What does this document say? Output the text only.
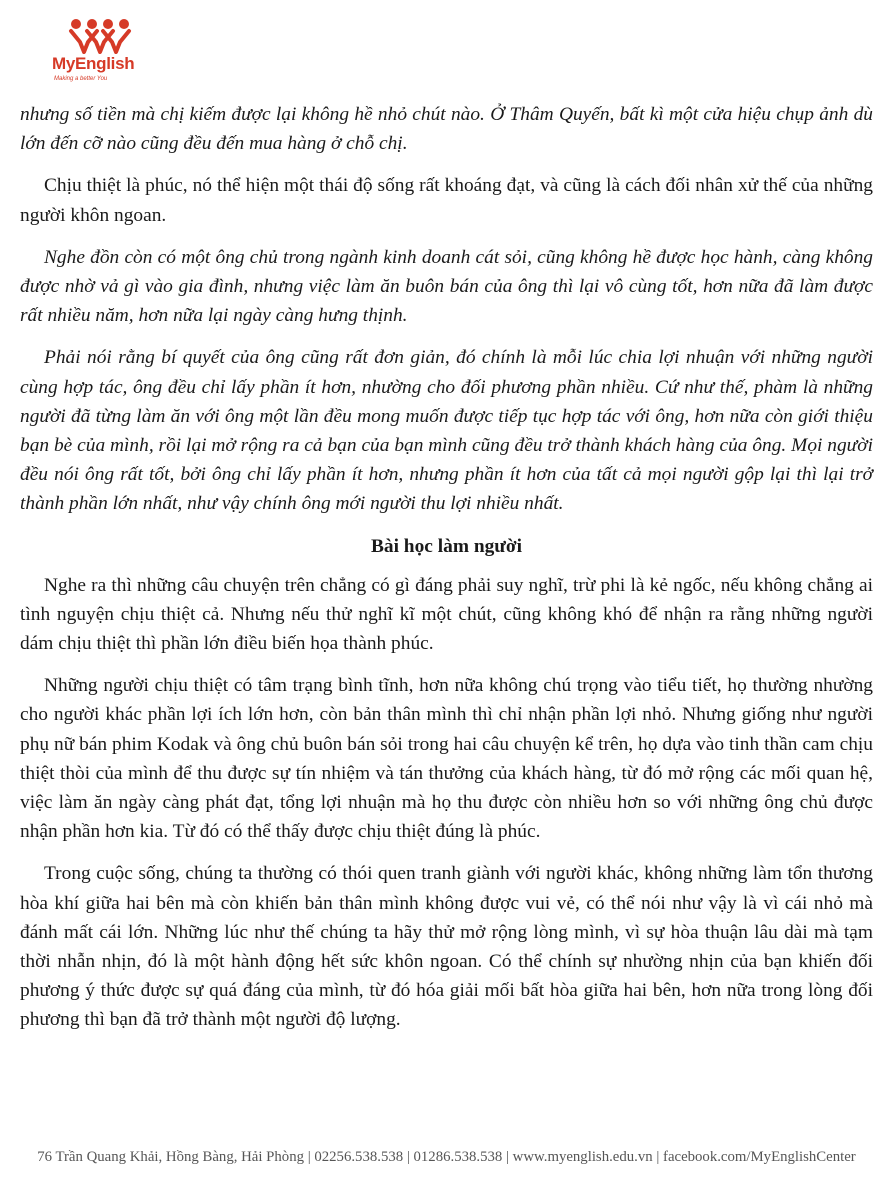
MyEnglish
Making a better You

nhưng số tiền mà chị kiếm được lại không hề nhỏ chút nào. Ở Thâm Quyến, bất kì một cửa hiệu chụp ảnh dù lớn đến cỡ nào cũng đều đến mua hàng ở chỗ chị.

Chịu thiệt là phúc, nó thể hiện một thái độ sống rất khoáng đạt, và cũng là cách đối nhân xử thế của những người khôn ngoan.

Nghe đồn còn có một ông chủ trong ngành kinh doanh cát sỏi, cũng không hề được học hành, càng không được nhờ vả gì vào gia đình, nhưng việc làm ăn buôn bán của ông thì lại vô cùng tốt, hơn nữa đã làm được rất nhiều năm, hơn nữa lại ngày càng hưng thịnh.

Phải nói rằng bí quyết của ông cũng rất đơn giản, đó chính là mỗi lúc chia lợi nhuận với những người cùng hợp tác, ông đều chỉ lấy phần ít hơn, nhường cho đối phương phần nhiều. Cứ như thế, phàm là những người đã từng làm ăn với ông một lần đều mong muốn được tiếp tục hợp tác với ông, hơn nữa còn giới thiệu bạn bè của mình, rồi lại mở rộng ra cả bạn của bạn mình cũng đều trở thành khách hàng của ông. Mọi người đều nói ông rất tốt, bởi ông chỉ lấy phần ít hơn, nhưng phần ít hơn của tất cả mọi người gộp lại thì lại trở thành phần lớn nhất, như vậy chính ông mới người thu lợi nhiều nhất.

Bài học làm người

Nghe ra thì những câu chuyện trên chẳng có gì đáng phải suy nghĩ, trừ phi là kẻ ngốc, nếu không chẳng ai tình nguyện chịu thiệt cả. Nhưng nếu thử nghĩ kĩ một chút, cũng không khó để nhận ra rằng những người dám chịu thiệt thì phần lớn điều biến họa thành phúc.

Những người chịu thiệt có tâm trạng bình tĩnh, hơn nữa không chú trọng vào tiểu tiết, họ thường nhường cho người khác phần lợi ích lớn hơn, còn bản thân mình thì chỉ nhận phần lợi nhỏ. Nhưng giống như người phụ nữ bán phim Kodak và ông chủ buôn bán sỏi trong hai câu chuyện kể trên, họ dựa vào tinh thần cam chịu thiệt thòi của mình để thu được sự tín nhiệm và tán thưởng của khách hàng, từ đó mở rộng các mối quan hệ, việc làm ăn ngày càng phát đạt, tổng lợi nhuận mà họ thu được còn nhiều hơn so với những ông chủ được nhận phần hơn kia. Từ đó có thể thấy được chịu thiệt đúng là phúc.

Trong cuộc sống, chúng ta thường có thói quen tranh giành với người khác, không những làm tổn thương hòa khí giữa hai bên mà còn khiến bản thân mình không được vui vẻ, có thể nói như vậy là vì cái nhỏ mà đánh mất cái lớn. Những lúc như thế chúng ta hãy thử mở rộng lòng mình, vì sự hòa thuận lâu dài mà tạm thời nhẫn nhịn, đó là một hành động hết sức khôn ngoan. Có thể chính sự nhường nhịn của bạn khiến đối phương ý thức được sự quá đáng của mình, từ đó hóa giải mối bất hòa giữa hai bên, hơn nữa trong lòng đối phương thì bạn đã trở thành một người độ lượng.

76 Trần Quang Khải, Hồng Bàng, Hải Phòng | 02256.538.538 | 01286.538.538 | www.myenglish.edu.vn | facebook.com/MyEnglishCenter
